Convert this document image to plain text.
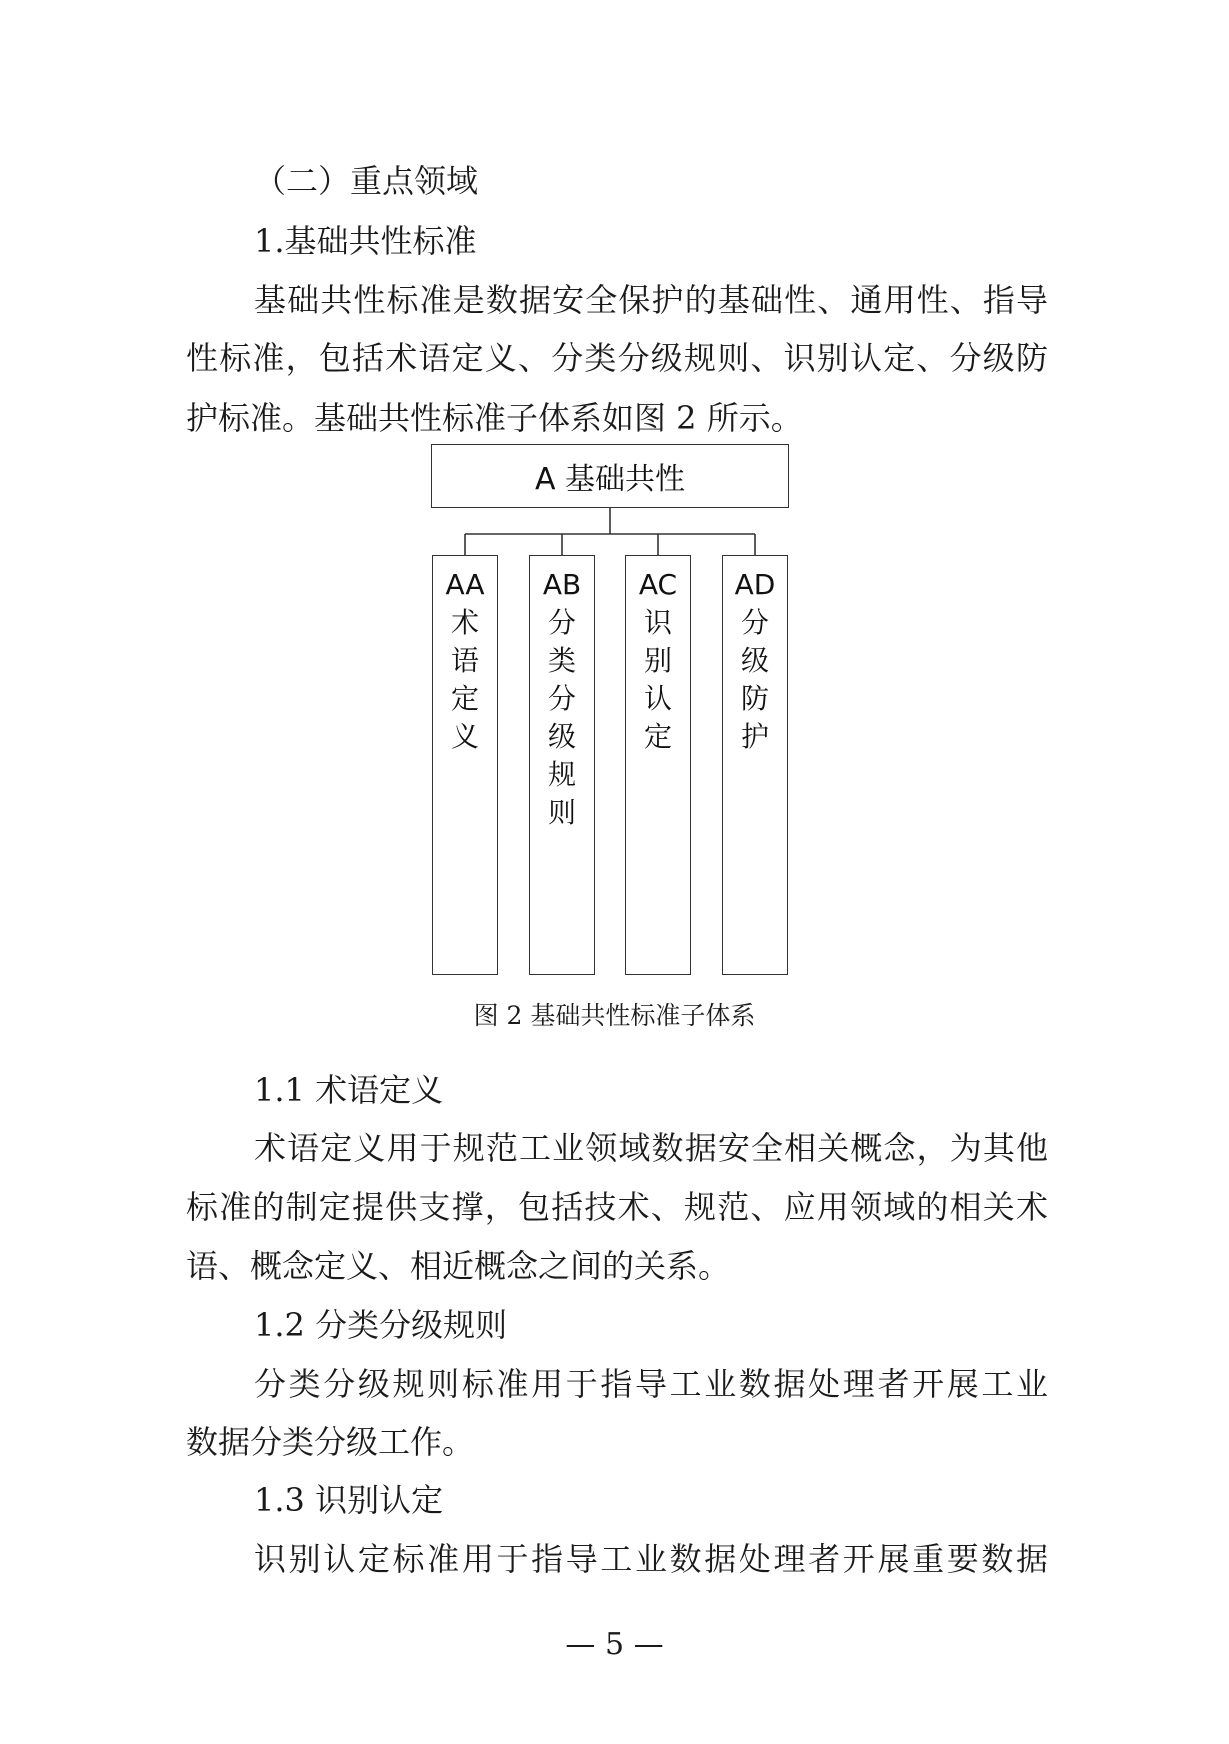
（二）重点领域

1.基础共性标准

基础共性标准是数据安全保护的基础性、通用性、指导

性标准，包括术语定义、分类分级规则、识别认定、分级防

护标准。基础共性标准子体系如图 2 所示。

A 基础共性
AA
术
语
定
义
AB
分
类
分
级
规
则
AC
识
别
认
定
AD
分
级
防
护
图 2 基础共性标准子体系

1.1 术语定义

术语定义用于规范工业领域数据安全相关概念，为其他

标准的制定提供支撑，包括技术、规范、应用领域的相关术

语、概念定义、相近概念之间的关系。

1.2 分类分级规则

分类分级规则标准用于指导工业数据处理者开展工业

数据分类分级工作。

1.3 识别认定

识别认定标准用于指导工业数据处理者开展重要数据

— 5 —
